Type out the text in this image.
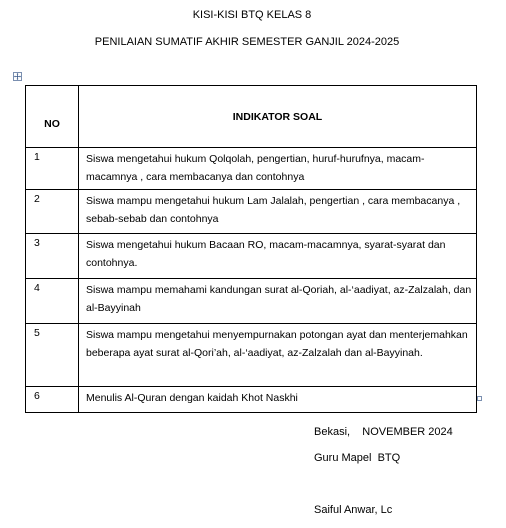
KISI-KISI BTQ KELAS 8
PENILAIAN SUMATIF AKHIR SEMESTER GANJIL 2024-2025
NO	INDIKATOR SOAL
1	Siswa mengetahui hukum Qolqolah, pengertian, huruf-hurufnya, macam-macamnya , cara membacanya dan contohnya
2	Siswa mampu mengetahui hukum Lam Jalalah, pengertian , cara membacanya , sebab-sebab dan contohnya
3	Siswa mengetahui hukum Bacaan RO, macam-macamnya, syarat-syarat dan contohnya.
4	Siswa mampu memahami kandungan surat al-Qoriah, al-‘aadiyat, az-Zalzalah, dan al-Bayyinah
5	Siswa mampu mengetahui menyempurnakan potongan ayat dan menterjemahkan beberapa ayat surat al-Qori’ah, al-‘aadiyat, az-Zalzalah dan al-Bayyinah.
6	Menulis Al-Quran dengan kaidah Khot Naskhi
Bekasi,    NOVEMBER 2024
Guru Mapel  BTQ
Saiful Anwar, Lc
